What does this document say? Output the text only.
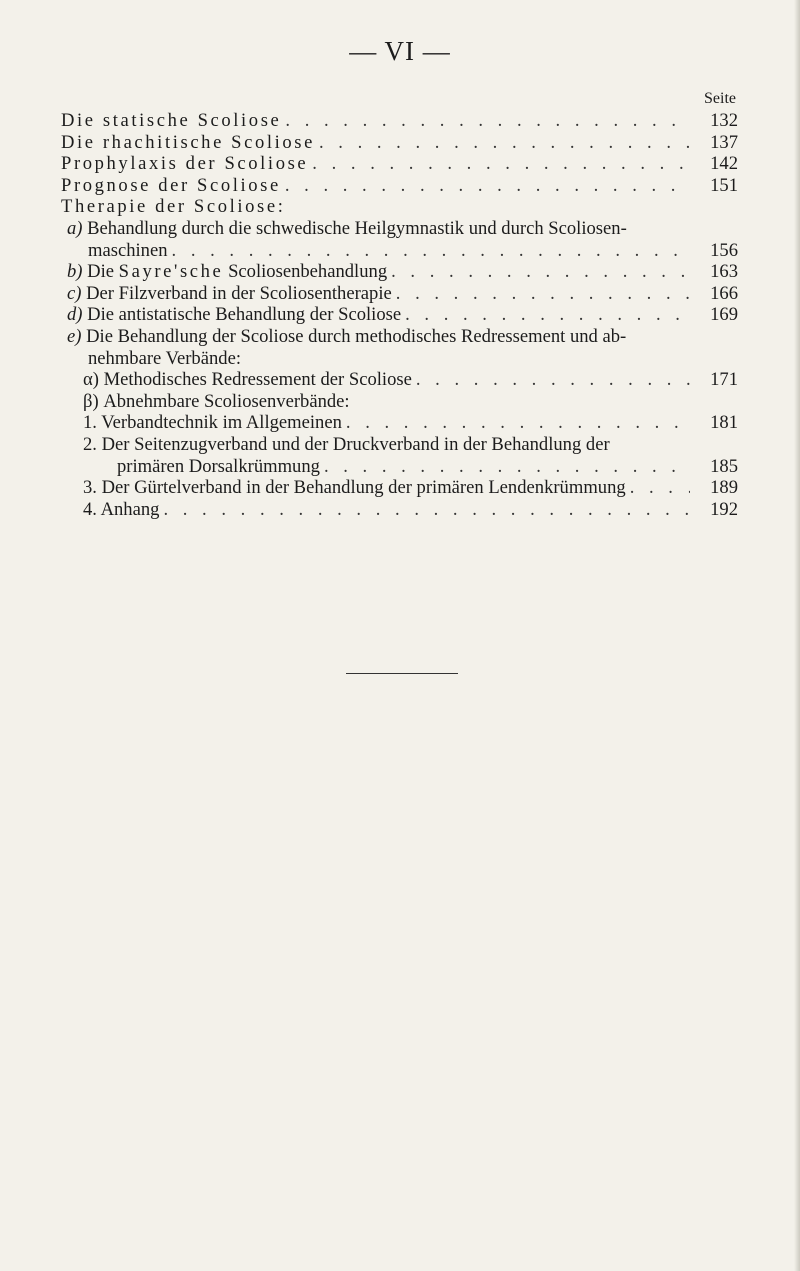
— VI —
Seite
Die statische Scoliose . . .	132
Die rhachitische Scoliose . . .	137
Prophylaxis der Scoliose . . .	142
Prognose der Scoliose . . .	151
Therapie der Scoliose:
a) Behandlung durch die schwedische Heilgymnastik und durch Scoliosen-
maschinen . . .	156
b) Die Sayre'sche Scoliosenbehandlung . . .	163
c) Der Filzverband in der Scoliosentherapie . . .	166
d) Die antistatische Behandlung der Scoliose . . .	169
e) Die Behandlung der Scoliose durch methodisches Redressement und ab-
nehmbare Verbände:
α) Methodisches Redressement der Scoliose . . .	171
β) Abnehmbare Scoliosenverbände:
1. Verbandtechnik im Allgemeinen . . .	181
2. Der Seitenzugverband und der Druckverband in der Behandlung der
primären Dorsalkrümmung . . .	185
3. Der Gürtelverband in der Behandlung der primären Lendenkrümmung . . .	189
4. Anhang . . .	192
